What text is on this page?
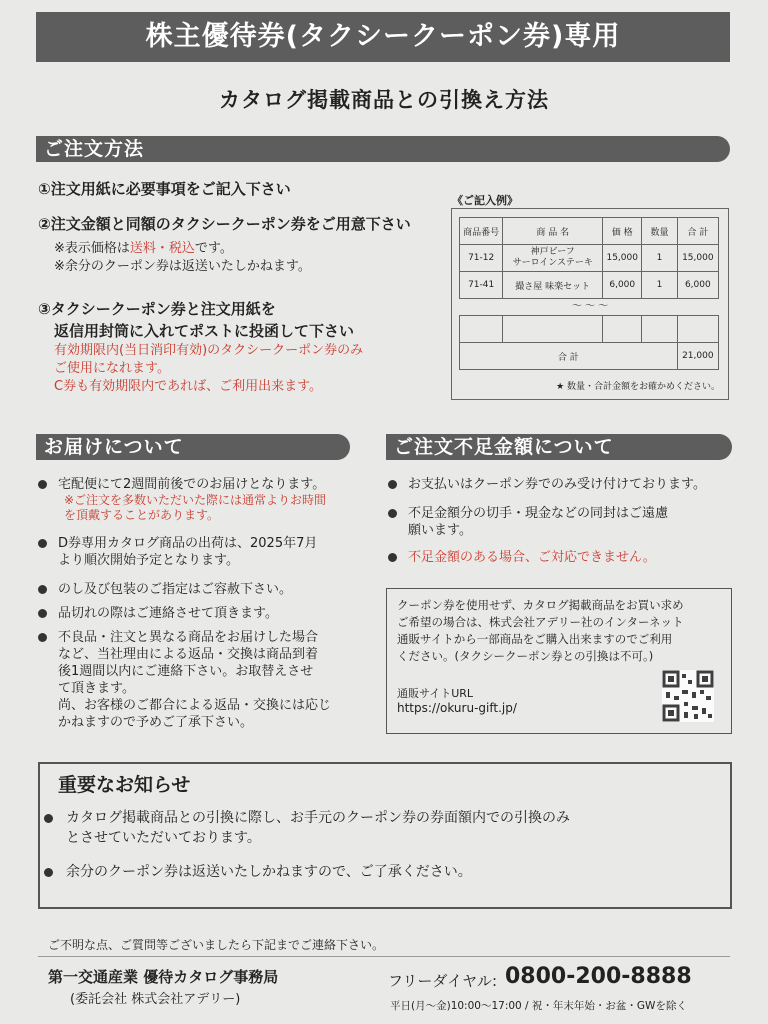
株主優待券(タクシークーポン券)専用
カタログ掲載商品との引換え方法
ご注文方法
①注文用紙に必要事項をご記入下さい
②注文金額と同額のタクシークーポン券をご用意下さい
※表示価格は送料・税込です。
※余分のクーポン券は返送いたしかねます。
③タクシークーポン券と注文用紙を
返信用封筒に入れてポストに投函して下さい
有効期限内(当日消印有効)のタクシークーポン券のみ
ご使用になれます。
C券も有効期限内であれば、ご利用出来ます。
《ご記入例》
商品番号	商 品 名	価 格	数量	合 計
71-12	神戸ビーフ
サーロインステーキ	15,000	1	15,000
71-41	撮さ屋 味楽セット	6,000	1	6,000
～ ～ ～

合 計				21,000
★ 数量・合計金額をお確かめください。
お届けについて
宅配便にて2週間前後でのお届けとなります。
※ご注文を多数いただいた際には通常よりお時間
を頂戴することがあります。
D券専用カタログ商品の出荷は、2025年7月
より順次開始予定となります。
のし及び包装のご指定はご容赦下さい。
品切れの際はご連絡させて頂きます。
不良品・注文と異なる商品をお届けした場合
など、当社理由による返品・交換は商品到着
後1週間以内にご連絡下さい。お取替えさせ
て頂きます。
尚、お客様のご都合による返品・交換には応じ
かねますので予めご了承下さい。
ご注文不足金額について
お支払いはクーポン券でのみ受け付けております。
不足金額分の切手・現金などの同封はご遠慮
願います。
不足金額のある場合、ご対応できません。
クーポン券を使用せず、カタログ掲載商品をお買い求め
ご希望の場合は、株式会社アデリー社のインターネット
通販サイトから一部商品をご購入出来ますのでご利用
ください。(タクシークーポン券との引換は不可。)
通販サイトURL
https://okuru-gift.jp/
重要なお知らせ
カタログ掲載商品との引換に際し、お手元のクーポン券の券面額内での引換のみ
とさせていただいております。
余分のクーポン券は返送いたしかねますので、ご了承ください。
ご不明な点、ご質問等ございましたら下記までご連絡下さい。
第一交通産業 優待カタログ事務局
(委託会社 株式会社アデリー)
フリーダイヤル: 0800-200-8888
平日(月～金)10:00～17:00 / 祝・年末年始・お盆・GWを除く
